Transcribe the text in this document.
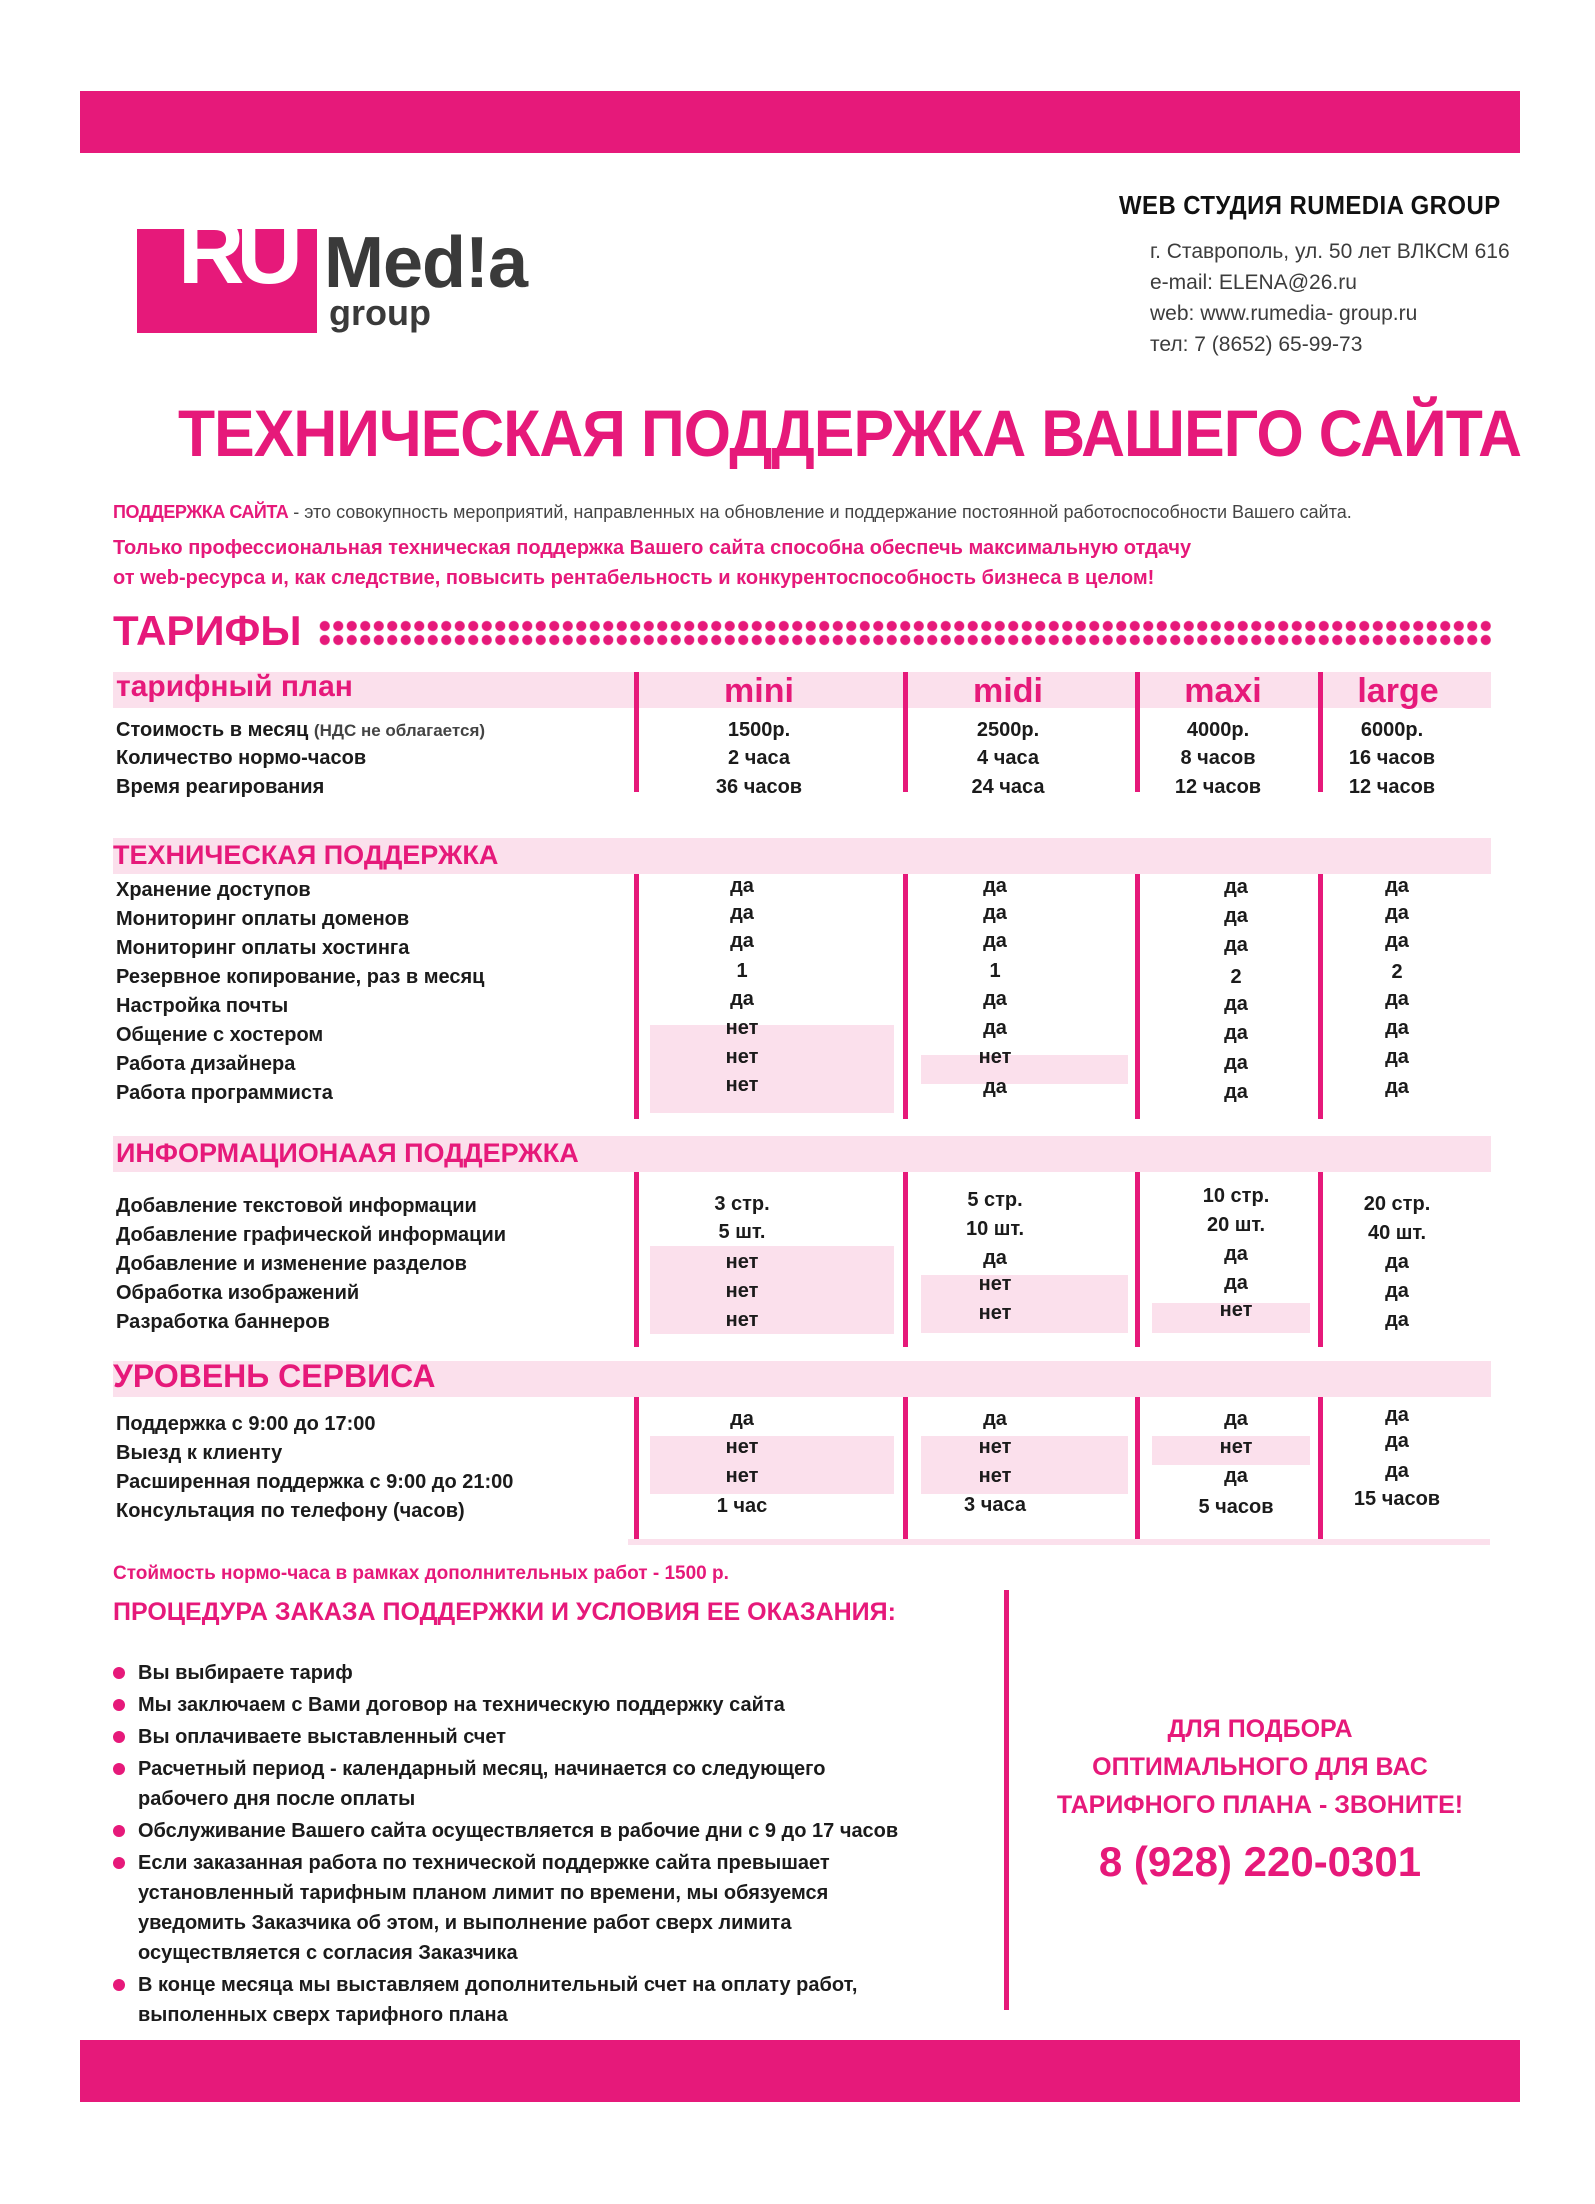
RU Med!a
group
WEB СТУДИЯ RUMEDIA GROUP
г. Ставрополь, ул. 50 лет ВЛКСМ 616
e-mail: ELENA@26.ru
web: www.rumedia- group.ru
тел: 7 (8652) 65-99-73
ТЕХНИЧЕСКАЯ ПОДДЕРЖКА ВАШЕГО САЙТА
ПОДДЕРЖКА САЙТА - это совокупность мероприятий, направленных на обновление и поддержание постоянной работоспособности Вашего сайта.
Только профессиональная техническая поддержка Вашего сайта способна обеспечь максимальную отдачу
от web-ресурса и, как следствие, повысить рентабельность и конкурентоспособность бизнеса в целом!
ТАРИФЫ
тарифный план	mini	midi	maxi	large
Стоимость в месяц (НДС не облагается)	1500р.	2500р.	4000р.	6000р.
Количество нормо-часов	2 часа	4 часа	8 часов	16 часов
Время реагирования	36 часов	24 часа	12 часов	12 часов
ТЕХНИЧЕСКАЯ ПОДДЕРЖКА
Хранение доступов	да	да	да	да
Мониторинг оплаты доменов	да	да	да	да
Мониторинг оплаты хостинга	да	да	да	да
Резервное копирование, раз в месяц	1	1	2	2
Настройка почты	да	да	да	да
Общение с хостером	нет	да	да	да
Работа дизайнера	нет	нет	да	да
Работа программиста	нет	да	да	да
ИНФОРМАЦИОНААЯ ПОДДЕРЖКА
Добавление текстовой информации	3 стр.	5 стр.	10 стр.	20 стр.
Добавление графической информации	5 шт.	10 шт.	20 шт.	40 шт.
Добавление и изменение разделов	нет	да	да	да
Обработка изображений	нет	нет	да	да
Разработка баннеров	нет	нет	нет	да
УРОВЕНЬ СЕРВИСА
Поддержка с 9:00 до 17:00	да	да	да	да
Выезд к клиенту	нет	нет	нет	да
Расширенная поддержка с 9:00 до 21:00	нет	нет	да	да
Консультация по телефону (часов)	1 час	3 часа	5 часов	15 часов
Стоймость нормо-часа в рамках дополнительных работ - 1500 р.
ПРОЦЕДУРА ЗАКАЗА ПОДДЕРЖКИ И УСЛОВИЯ ЕЕ ОКАЗАНИЯ:
Вы выбираете тариф
Мы заключаем с Вами договор на техническую поддержку сайта
Вы оплачиваете выставленный счет
Расчетный период - календарный месяц, начинается со следующего
рабочего дня после оплаты
Обслуживание Вашего сайта осуществляется в рабочие дни с 9 до 17 часов
Если заказанная работа по технической поддержке сайта превышает
установленный тарифным планом лимит по времени, мы обязуемся
уведомить Заказчика об этом, и выполнение работ сверх лимита
осуществляется с согласия Заказчика
В конце месяца мы выставляем дополнительный счет на оплату работ,
выполенных сверх тарифного плана
ДЛЯ ПОДБОРА
ОПТИМАЛЬНОГО ДЛЯ ВАС
ТАРИФНОГО ПЛАНА - ЗВОНИТЕ!
8 (928) 220-0301
